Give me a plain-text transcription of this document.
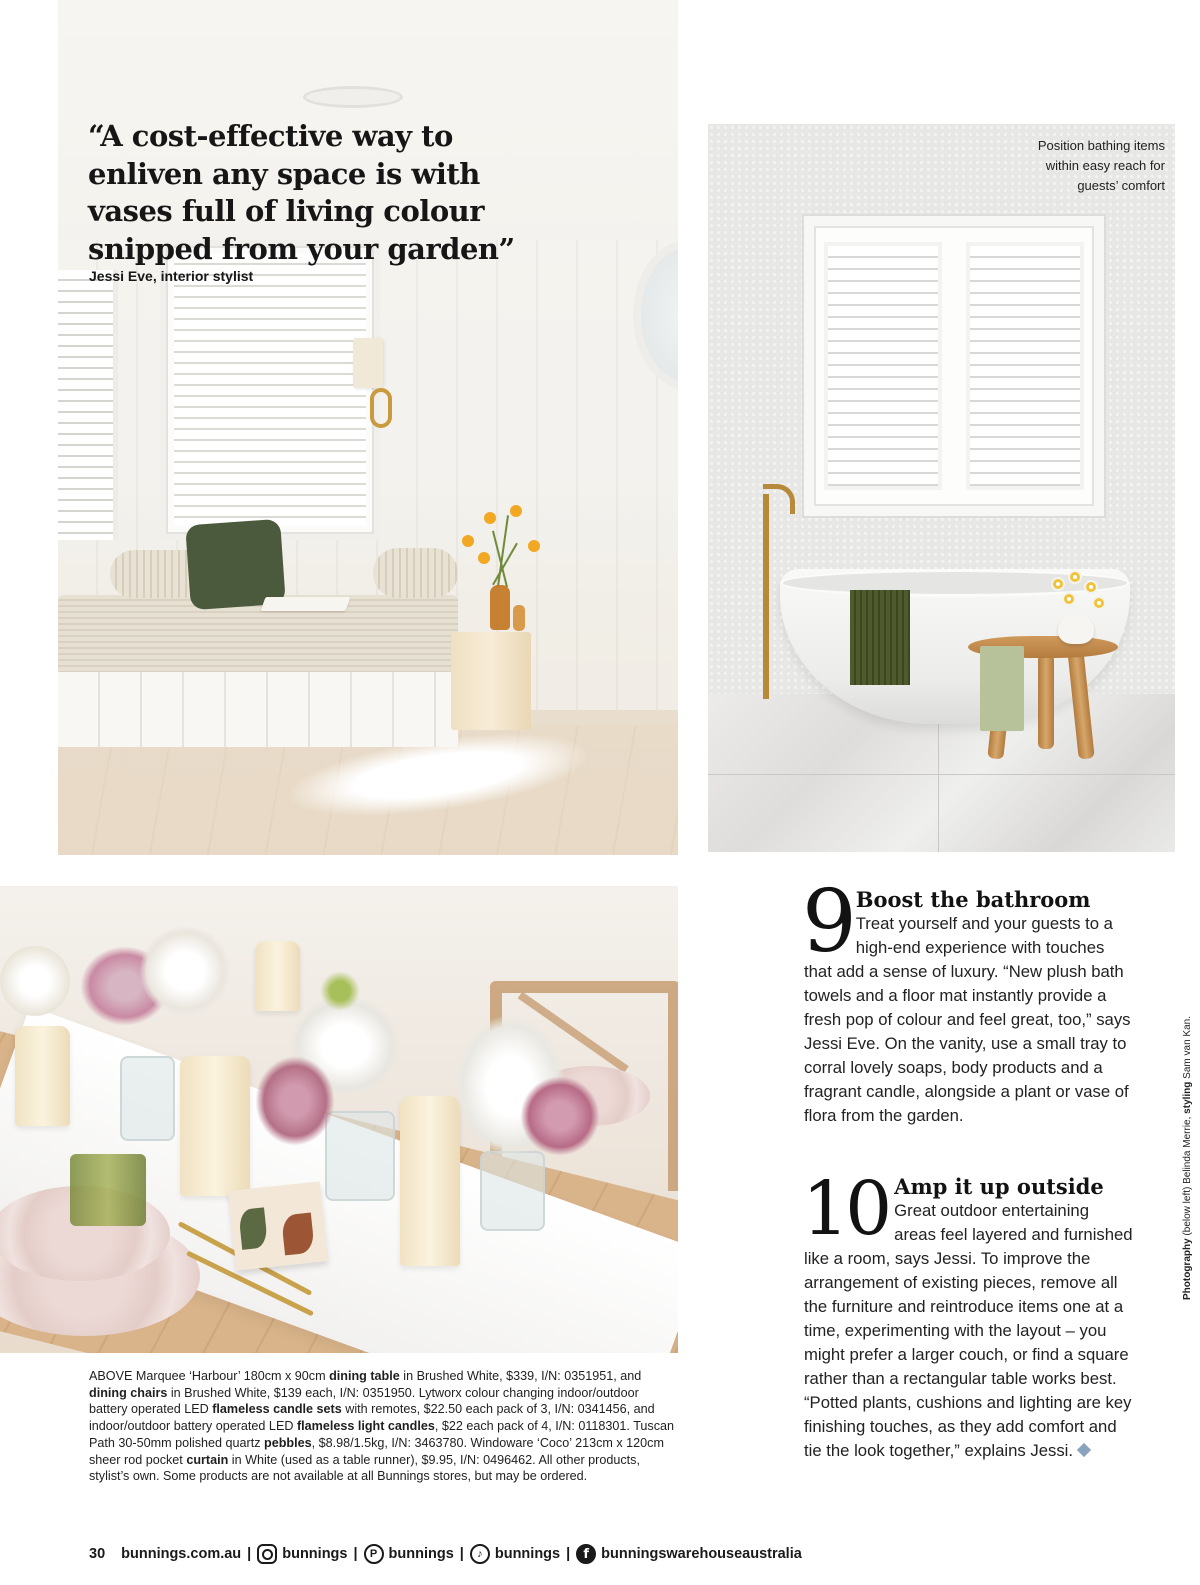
“A cost-effective way to enliven any space is with vases full of living colour snipped from your garden”
Jessi Eve, interior stylist
Position bathing items
within easy reach for
guests’ comfort
ABOVE Marquee ‘Harbour’ 180cm x 90cm dining table in Brushed White, $339, I/N: 0351951, and dining chairs in Brushed White, $139 each, I/N: 0351950. Lytworx colour changing indoor/outdoor battery operated LED flameless candle sets with remotes, $22.50 each pack of 3, I/N: 0341456, and indoor/outdoor battery operated LED flameless light candles, $22 each pack of 4, I/N: 0118301. Tuscan Path 30-50mm polished quartz pebbles, $8.98/1.5kg, I/N: 3463780. Windoware ‘Coco’ 213cm x 120cm sheer rod pocket curtain in White (used as a table runner), $9.95, I/N: 0496462. All other products, stylist’s own. Some products are not available at all Bunnings stores, but may be ordered.
9 Boost the bathroom
Treat yourself and your guests to a high-end experience with touches that add a sense of luxury. “New plush bath towels and a floor mat instantly provide a fresh pop of colour and feel great, too,” says Jessi Eve. On the vanity, use a small tray to corral lovely soaps, body products and a fragrant candle, alongside a plant or vase of flora from the garden.
10 Amp it up outside
Great outdoor entertaining areas feel layered and furnished like a room, says Jessi. To improve the arrangement of existing pieces, remove all the furniture and reintroduce items one at a time, experimenting with the layout – you might prefer a larger couch, or find a square rather than a rectangular table works best. “Potted plants, cushions and lighting are key finishing touches, as they add comfort and tie the look together,” explains Jessi.
Photography (below left) Belinda Merrie, styling Sam van Kan.
30 bunnings.com.au | bunnings |	P bunnings |	♪ bunnings |	f bunningswarehouseaustralia
